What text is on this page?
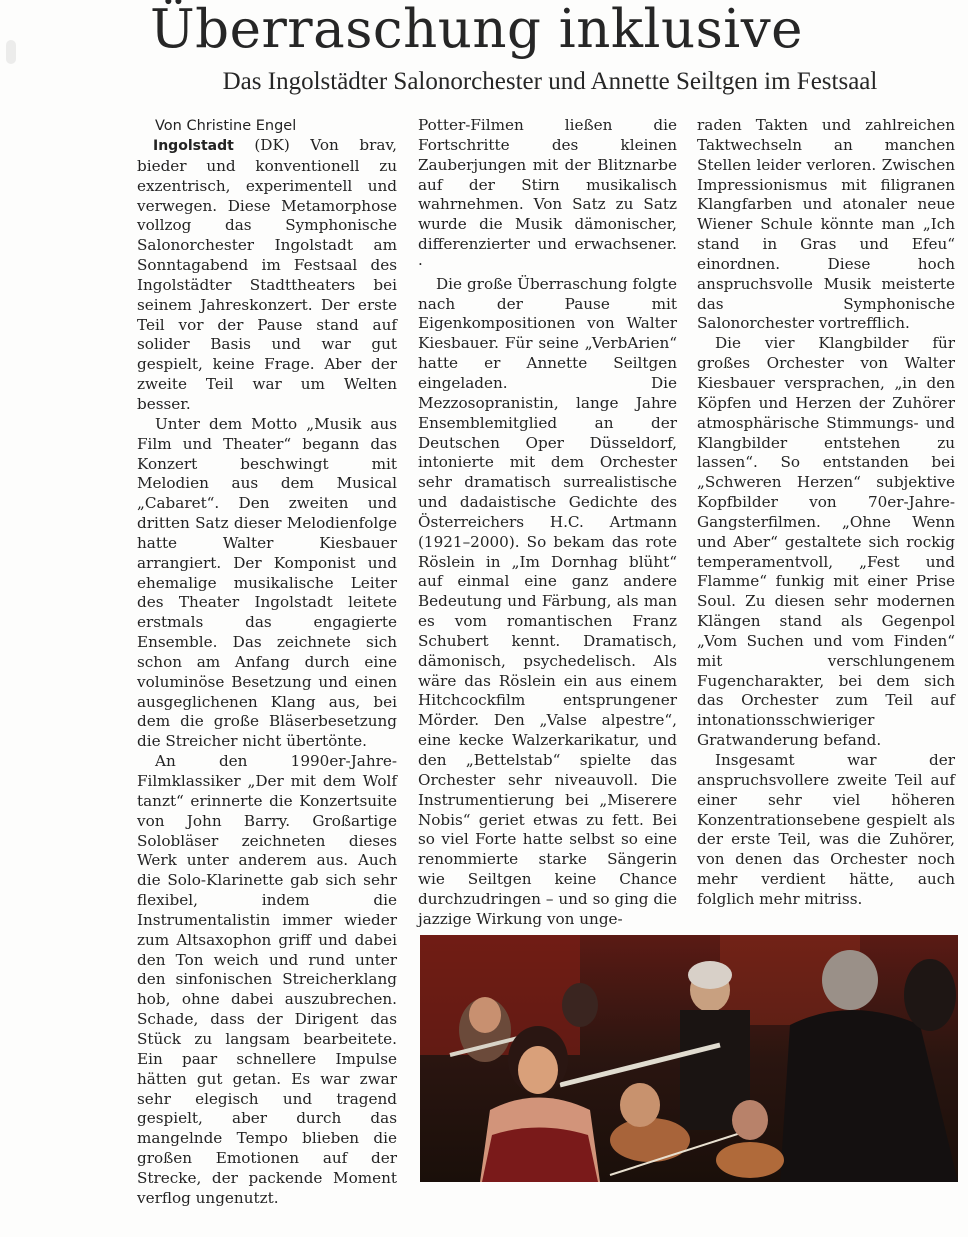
Überraschung inklusive
Das Ingolstädter Salonorchester und Annette Seiltgen im Festsaal

Von Christine Engel

Ingolstadt (DK) Von brav, bieder und konventionell zu exzentrisch, experimentell und verwegen. Diese Metamorphose vollzog das Symphonische Salonorchester Ingolstadt am Sonntagabend im Festsaal des Ingolstädter Stadttheaters bei seinem Jahreskonzert. Der erste Teil vor der Pause stand auf solider Basis und war gut gespielt, keine Frage. Aber der zweite Teil war um Welten besser.

Unter dem Motto „Musik aus Film und Theater“ begann das Konzert beschwingt mit Melodien aus dem Musical „Cabaret“. Den zweiten und dritten Satz dieser Melodienfolge hatte Walter Kiesbauer arrangiert. Der Komponist und ehemalige musikalische Leiter des Theater Ingolstadt leitete erstmals das engagierte Ensemble. Das zeichnete sich schon am Anfang durch eine voluminöse Besetzung und einen ausgeglichenen Klang aus, bei dem die große Bläserbesetzung die Streicher nicht übertönte.

An den 1990er-Jahre-Filmklassiker „Der mit dem Wolf tanzt“ erinnerte die Konzertsuite von John Barry. Großartige Solobläser zeichneten dieses Werk unter anderem aus. Auch die Solo-Klarinette gab sich sehr flexibel, indem die Instrumentalistin immer wieder zum Altsaxophon griff und dabei den Ton weich und rund unter den sinfonischen Streicherklang hob, ohne dabei auszubrechen. Schade, dass der Dirigent das Stück zu langsam bearbeitete. Ein paar schnellere Impulse hätten gut getan. Es war zwar sehr elegisch und tragend gespielt, aber durch das mangelnde Tempo blieben die großen Emotionen auf der Strecke, der packende Moment verflog ungenutzt.

Potter-Filmen ließen die Fortschritte des kleinen Zauberjungen mit der Blitznarbe auf der Stirn musikalisch wahrnehmen. Von Satz zu Satz wurde die Musik dämonischer, differenzierter und erwachsener. ·

Die große Überraschung folgte nach der Pause mit Eigenkompositionen von Walter Kiesbauer. Für seine „VerbArien“ hatte er Annette Seiltgen eingeladen. Die Mezzosopranistin, lange Jahre Ensemblemitglied an der Deutschen Oper Düsseldorf, intonierte mit dem Orchester sehr dramatisch surrealistische und dadaistische Gedichte des Österreichers H.C. Artmann (1921–2000). So bekam das rote Röslein in „Im Dornhag blüht“ auf einmal eine ganz andere Bedeutung und Färbung, als man es vom romantischen Franz Schubert kennt. Dramatisch, dämonisch, psychedelisch. Als wäre das Röslein ein aus einem Hitchcockfilm entsprungener Mörder. Den „Valse alpestre“, eine kecke Walzerkarikatur, und den „Bettelstab“ spielte das Orchester sehr niveauvoll. Die Instrumentierung bei „Miserere Nobis“ geriet etwas zu fett. Bei so viel Forte hatte selbst so eine renommierte starke Sängerin wie Seiltgen keine Chance durchzudringen – und so ging die jazzige Wirkung von unge-

raden Takten und zahlreichen Taktwechseln an manchen Stellen leider verloren. Zwischen Impressionismus mit filigranen Klangfarben und atonaler neue Wiener Schule könnte man „Ich stand in Gras und Efeu“ einordnen. Diese hoch anspruchsvolle Musik meisterte das Symphonische Salonorchester vortrefflich.

Die vier Klangbilder für großes Orchester von Walter Kiesbauer versprachen, „in den Köpfen und Herzen der Zuhörer atmosphärische Stimmungs- und Klangbilder entstehen zu lassen“. So entstanden bei „Schweren Herzen“ subjektive Kopfbilder von 70er-Jahre-Gangsterfilmen. „Ohne Wenn und Aber“ gestaltete sich rockig temperamentvoll, „Fest und Flamme“ funkig mit einer Prise Soul. Zu diesen sehr modernen Klängen stand als Gegenpol „Vom Suchen und vom Finden“ mit verschlungenem Fugencharakter, bei dem sich das Orchester zum Teil auf intonationsschwieriger Gratwanderung befand.

Insgesamt war der anspruchsvollere zweite Teil auf einer sehr viel höheren Konzentrationsebene gespielt als der erste Teil, was die Zuhörer, von denen das Orchester noch mehr verdient hätte, auch folglich mehr mitriss.
